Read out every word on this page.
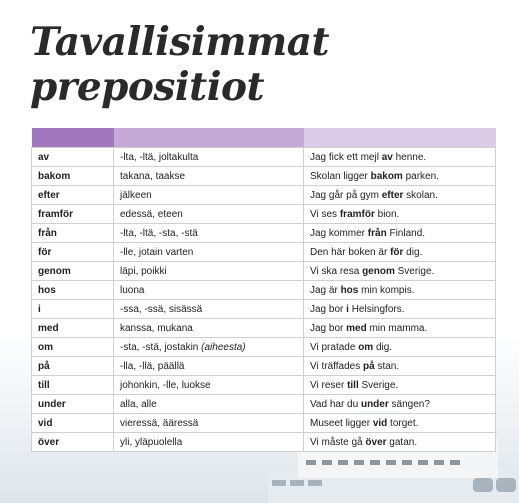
Tavallisimmat
prepositiot

av	-lta, -ltä, joltakulta	Jag fick ett mejl av henne.
bakom	takana, taakse	Skolan ligger bakom parken.
efter	jälkeen	Jag går på gym efter skolan.
framför	edessä, eteen	Vi ses framför bion.
från	-lta, -ltä, -sta, -stä	Jag kommer från Finland.
för	-lle, jotain varten	Den här boken är för dig.
genom	läpi, poikki	Vi ska resa genom Sverige.
hos	luona	Jag är hos min kompis.
i	-ssa, -ssä, sisässä	Jag bor i Helsingfors.
med	kanssa, mukana	Jag bor med min mamma.
om	-sta, -stä, jostakin (aiheesta)	Vi pratade om dig.
på	-lla, -llä, päällä	Vi träffades på stan.
till	johonkin, -lle, luokse	Vi reser till Sverige.
under	alla, alle	Vad har du under sängen?
vid	vieressä, ääressä	Museet ligger vid torget.
över	yli, yläpuolella	Vi måste gå över gatan.
